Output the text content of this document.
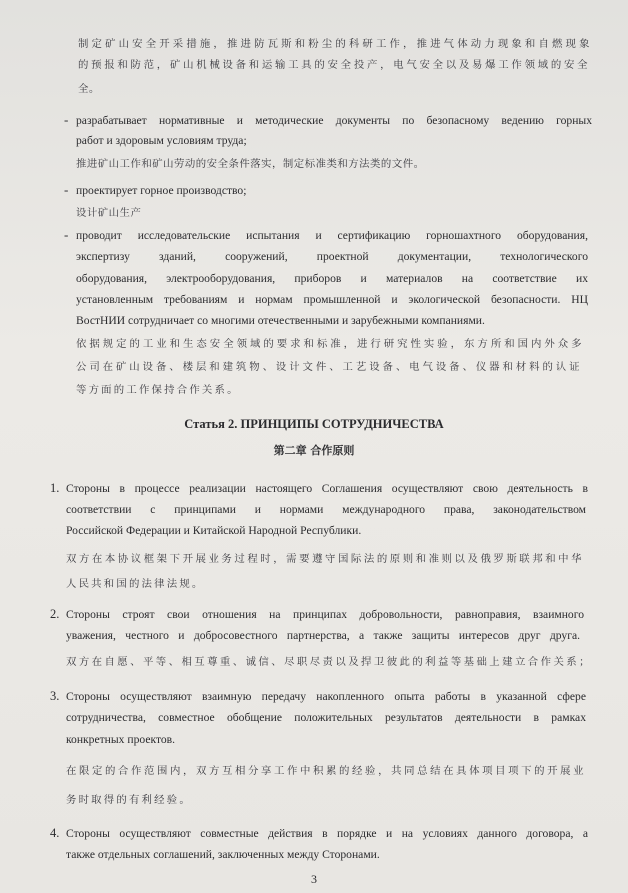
制定矿山安全开采措施，推进防瓦斯和粉尘的科研工作，推进气体动力现象和自燃现象
的预报和防范，矿山机械设备和运输工具的安全投产，电气安全以及易爆工作领域的安全
全。
- разрабатывает нормативные и методические документы по безопасному ведению горных
работ и здоровым условиям труда;
推进矿山工作和矿山劳动的安全条件落实，制定标准类和方法类的文件。
- проектирует горное производство;
设计矿山生产
- проводит исследовательские испытания и сертификацию горношахтного оборудования,
экспертизу зданий, сооружений, проектной документации, технологического
оборудования, электрооборудования, приборов и материалов на соответствие их
установленным требованиям и нормам промышленной и экологической безопасности. НЦ
ВостНИИ сотрудничает со многими отечественными и зарубежными компаниями.
依据规定的工业和生态安全领域的要求和标准，进行研究性实验，东方所和国内外众多
公司在矿山设备、楼层和建筑物、设计文件、工艺设备、电气设备、仪器和材料的认证
等方面的工作保持合作关系。
Статья 2. ПРИНЦИПЫ СОТРУДНИЧЕСТВА
第二章 合作原则
1. Стороны в процессе реализации настоящего Соглашения осуществляют свою деятельность в
соответствии с принципами и нормами международного права, законодательством
Российской Федерации и Китайской Народной Республики.
双方在本协议框架下开展业务过程时，需要遵守国际法的原则和准则以及俄罗斯联邦和中华
人民共和国的法律法规。
2. Стороны строят свои отношения на принципах добровольности, равноправия, взаимного
уважения, честного и добросовестного партнерства, а также защиты интересов друг друга.
双方在自愿、平等、相互尊重、诚信、尽职尽责以及捍卫彼此的利益等基础上建立合作关系；
3. Стороны осуществляют взаимную передачу накопленного опыта работы в указанной сфере
сотрудничества, совместное обобщение положительных результатов деятельности в рамках
конкретных проектов.
在限定的合作范围内，双方互相分享工作中积累的经验，共同总结在具体项目项下的开展业
务时取得的有利经验。
4. Стороны осуществляют совместные действия в порядке и на условиях данного договора, а
также отдельных соглашений, заключенных между Сторонами.
3
